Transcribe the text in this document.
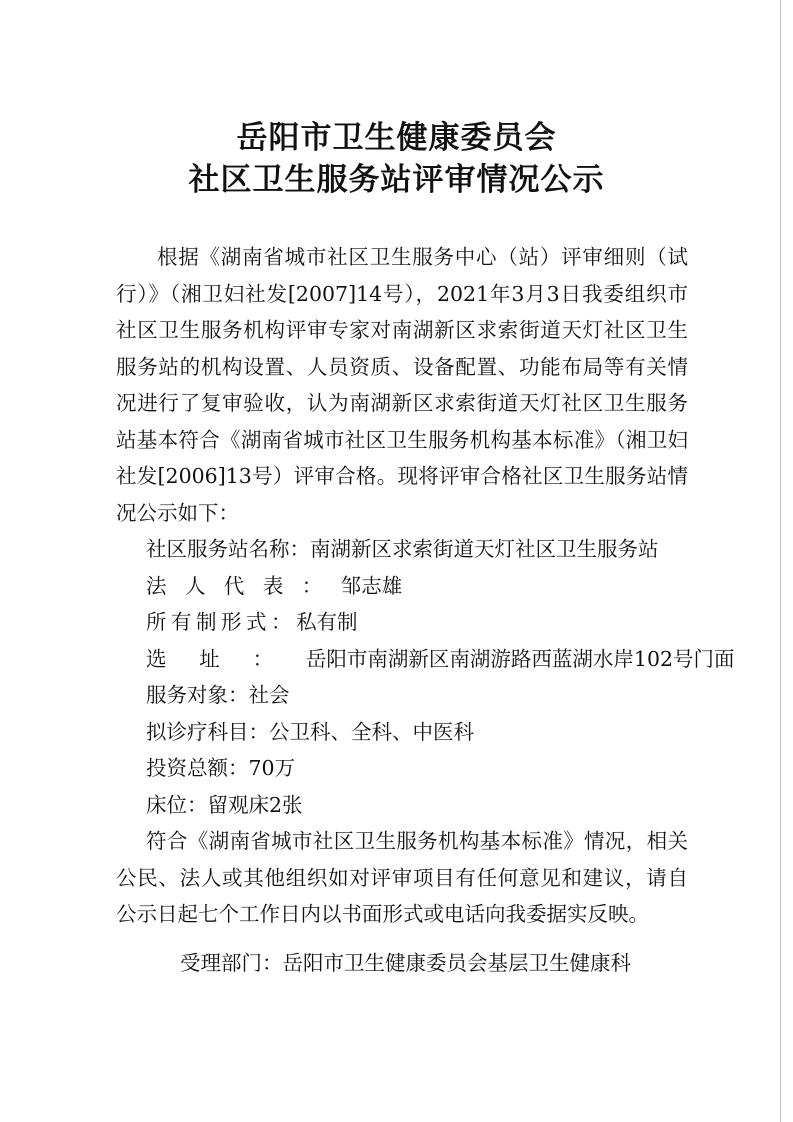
岳阳市卫生健康委员会
社区卫生服务站评审情况公示

根据《湖南省城市社区卫生服务中心（站）评审细则（试行）》（湘卫妇社发[2007]14号），2021年3月3日我委组织市社区卫生服务机构评审专家对南湖新区求索街道天灯社区卫生服务站的机构设置、人员资质、设备配置、功能布局等有关情况进行了复审验收，认为南湖新区求索街道天灯社区卫生服务站基本符合《湖南省城市社区卫生服务机构基本标准》（湘卫妇社发[2006]13号）评审合格。现将评审合格社区卫生服务站情况公示如下：

社区服务站名称：南湖新区求索街道天灯社区卫生服务站

法人代表：邹志雄

所有制形式：私有制

选址：岳阳市南湖新区南湖游路西蓝湖水岸102号门面

服务对象：社会

拟诊疗科目：公卫科、全科、中医科

投资总额：70万

床位：留观床2张

符合《湖南省城市社区卫生服务机构基本标准》情况，相关公民、法人或其他组织如对评审项目有任何意见和建议，请自公示日起七个工作日内以书面形式或电话向我委据实反映。

受理部门：岳阳市卫生健康委员会基层卫生健康科
